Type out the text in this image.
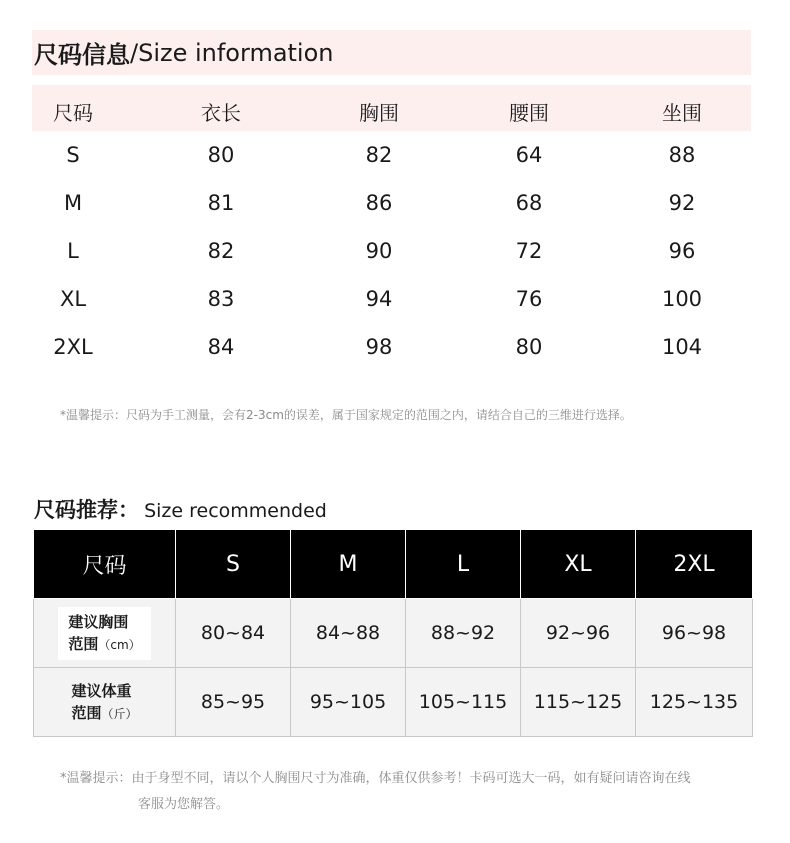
尺码信息 /Size information
尺码	衣长	胸围	腰围	坐围
S	80	82	64	88
M	81	86	68	92
L	82	90	72	96
XL	83	94	76	100
2XL	84	98	80	104
*温馨提示：尺码为手工测量，会有2-3cm的误差，属于国家规定的范围之内，请结合自己的三维进行选择。
尺码推荐： Size recommended
尺码	S	M	L	XL	2XL
建议胸围
范围（cm）	80~84	84~88	88~92	92~96	96~98
建议体重
范围（斤）	85~95	95~105	105~115	115~125	125~135
*温馨提示：由于身型不同，请以个人胸围尺寸为准确，体重仅供参考！卡码可选大一码，如有疑问请咨询在线
客服为您解答。
